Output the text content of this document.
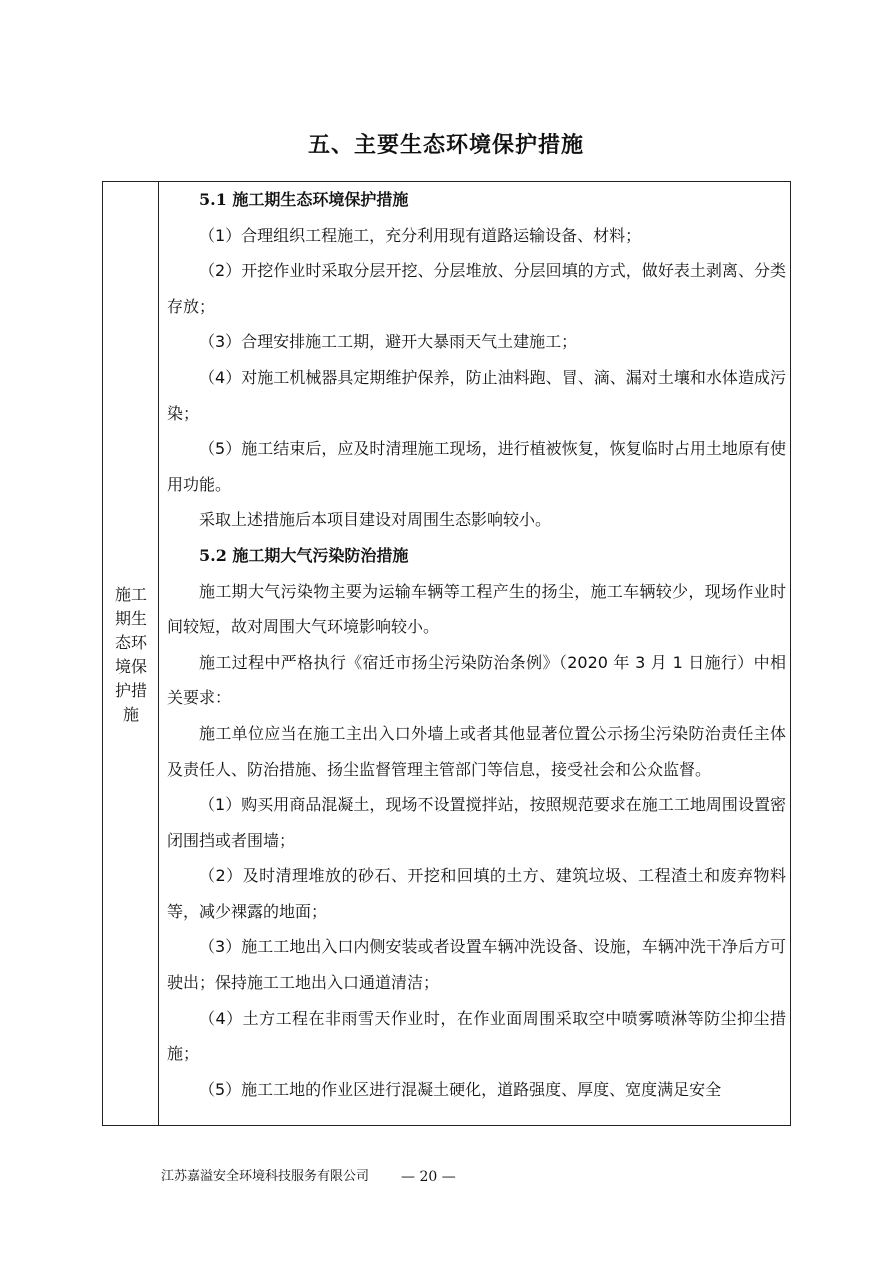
五、主要生态环境保护措施
施工期生态环境保护措施

5.1 施工期生态环境保护措施

（1）合理组织工程施工，充分利用现有道路运输设备、材料；

（2）开挖作业时采取分层开挖、分层堆放、分层回填的方式，做好表土剥离、分类存放；

（3）合理安排施工工期，避开大暴雨天气土建施工；

（4）对施工机械器具定期维护保养，防止油料跑、冒、滴、漏对土壤和水体造成污染；

（5）施工结束后，应及时清理施工现场，进行植被恢复，恢复临时占用土地原有使用功能。

采取上述措施后本项目建设对周围生态影响较小。

5.2 施工期大气污染防治措施

施工期大气污染物主要为运输车辆等工程产生的扬尘，施工车辆较少，现场作业时间较短，故对周围大气环境影响较小。

施工过程中严格执行《宿迁市扬尘污染防治条例》（2020 年 3 月 1 日施行）中相关要求：

施工单位应当在施工主出入口外墙上或者其他显著位置公示扬尘污染防治责任主体及责任人、防治措施、扬尘监督管理主管部门等信息，接受社会和公众监督。

（1）购买用商品混凝土，现场不设置搅拌站，按照规范要求在施工工地周围设置密闭围挡或者围墙；

（2）及时清理堆放的砂石、开挖和回填的土方、建筑垃圾、工程渣土和废弃物料等，减少裸露的地面；

（3）施工工地出入口内侧安装或者设置车辆冲洗设备、设施，车辆冲洗干净后方可驶出；保持施工工地出入口通道清洁；

（4）土方工程在非雨雪天作业时，在作业面周围采取空中喷雾喷淋等防尘抑尘措施；

（5）施工工地的作业区进行混凝土硬化，道路强度、厚度、宽度满足安全

江苏嘉溢安全环境科技服务有限公司 — 20 —
